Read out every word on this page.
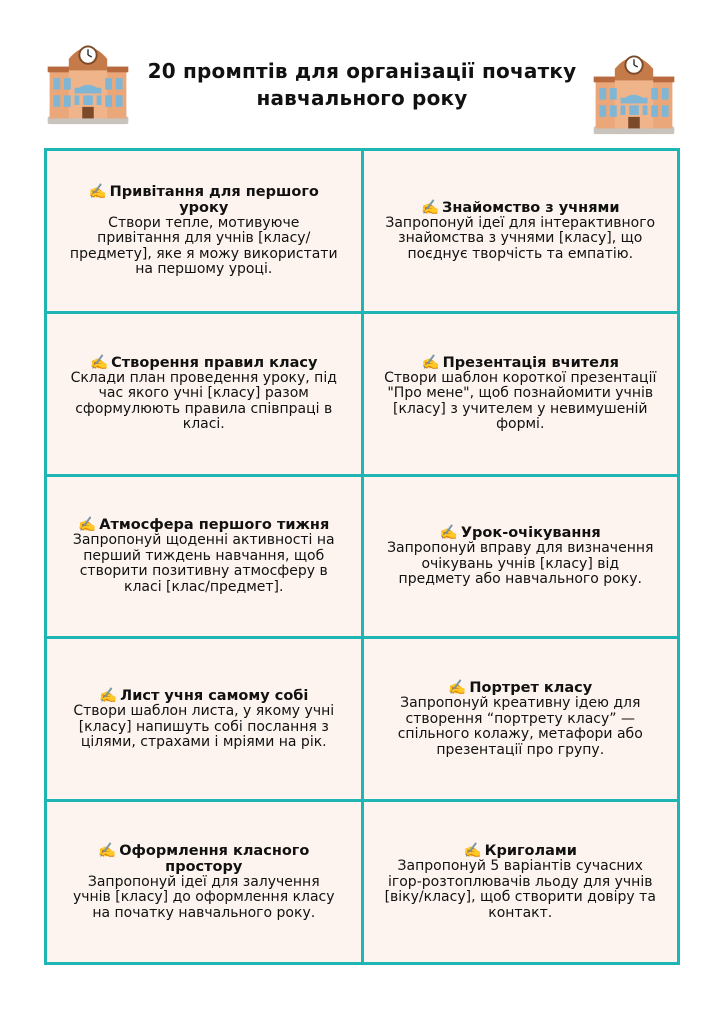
20 промптів для організації початку
навчального року

✍️ Привітання для першого уроку

Створи тепле, мотивуюче привітання для учнів [класу/предмету], яке я можу використати на першому уроці.

✍️ Знайомство з учнями

Запропонуй ідеї для інтерактивного знайомства з учнями [класу], що поєднує творчість та емпатію.

✍️ Створення правил класу

Склади план проведення уроку, під час якого учні [класу] разом сформулюють правила співпраці в класі.

✍️ Презентація вчителя

Створи шаблон короткої презентації "Про мене", щоб познайомити учнів [класу] з учителем у невимушеній формі.

✍️ Атмосфера першого тижня

Запропонуй щоденні активності на перший тиждень навчання, щоб створити позитивну атмосферу в класі [клас/предмет].

✍️ Урок-очікування

Запропонуй вправу для визначення очікувань учнів [класу] від предмету або навчального року.

✍️ Лист учня самому собі

Створи шаблон листа, у якому учні [класу] напишуть собі послання з цілями, страхами і мріями на рік.

✍️ Портрет класу

Запропонуй креативну ідею для створення “портрету класу” — спільного колажу, метафори або презентації про групу.

✍️ Оформлення класного простору

Запропонуй ідеї для залучення учнів [класу] до оформлення класу на початку навчального року.

✍️ Криголами

Запропонуй 5 варіантів сучасних ігор-розтоплювачів льоду для учнів [віку/класу], щоб створити довіру та контакт.
